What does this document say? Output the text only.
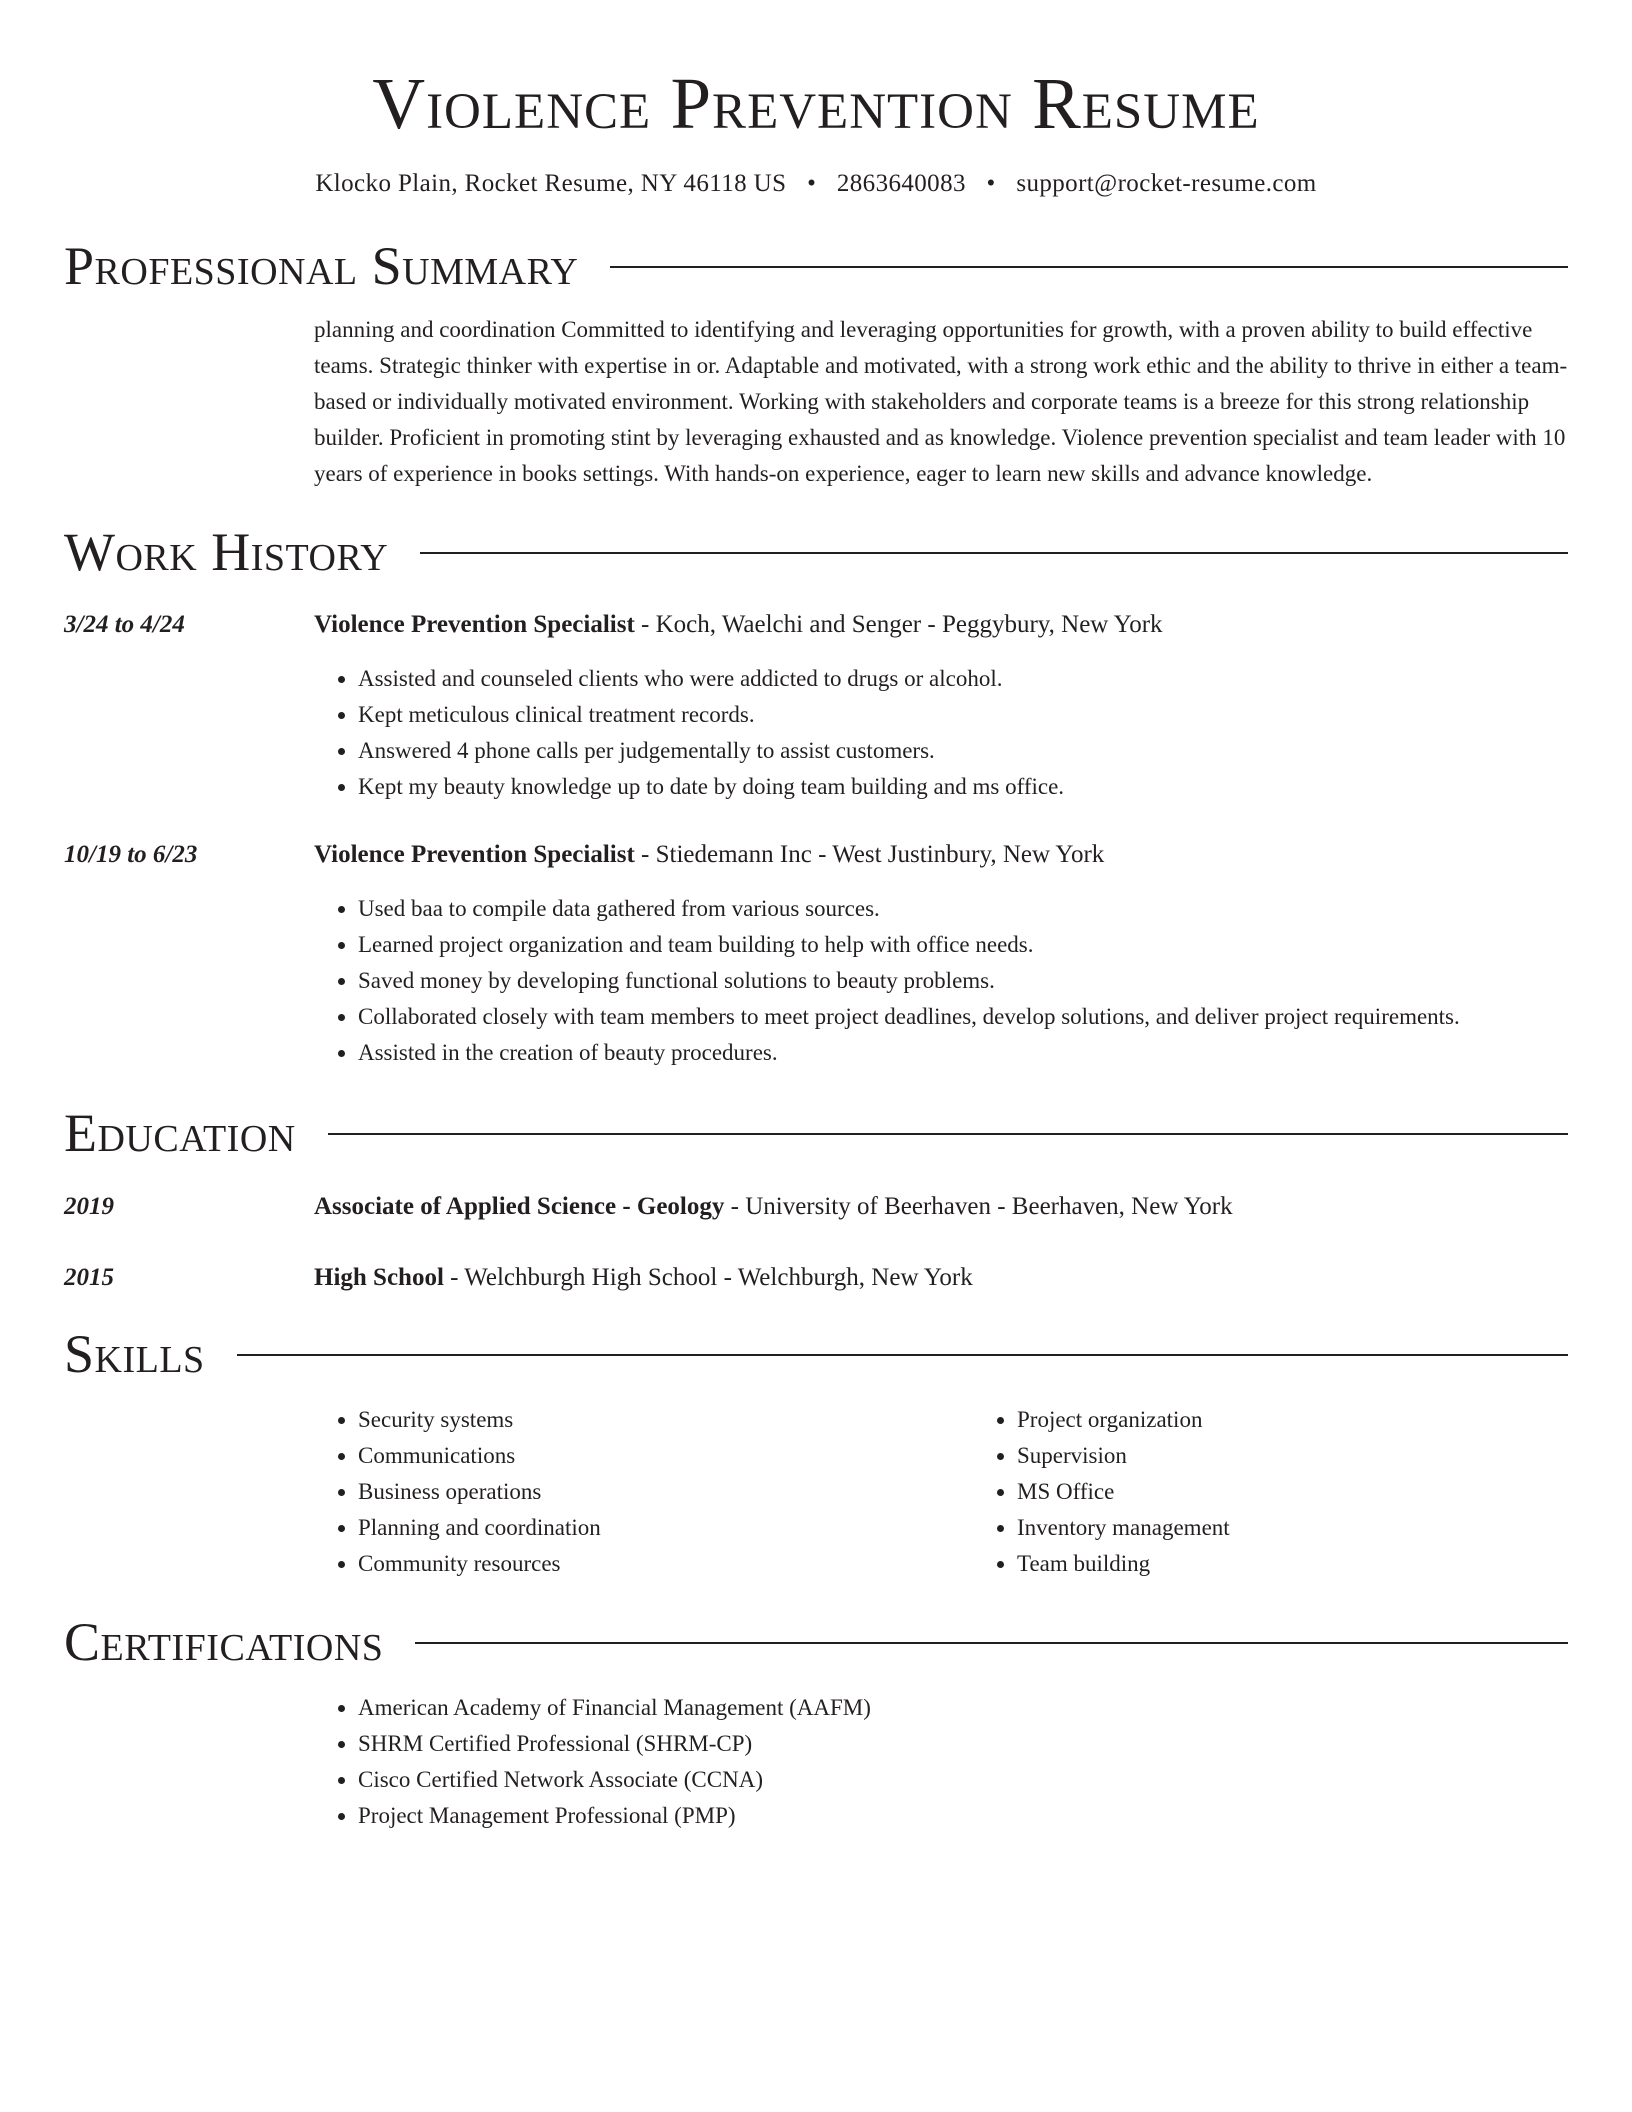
Violence Prevention Resume
Klocko Plain, Rocket Resume, NY 46118 US • 2863640083 • support@rocket-resume.com
Professional Summary

planning and coordination Committed to identifying and leveraging opportunities for growth, with a proven ability to build effective teams. Strategic thinker with expertise in or. Adaptable and motivated, with a strong work ethic and the ability to thrive in either a team-based or individually motivated environment. Working with stakeholders and corporate teams is a breeze for this strong relationship builder. Proficient in promoting stint by leveraging exhausted and as knowledge. Violence prevention specialist and team leader with 10 years of experience in books settings. With hands-on experience, eager to learn new skills and advance knowledge.

Work History
3/24 to 4/24	Violence Prevention Specialist - Koch, Waelchi and Senger - Peggybury, New York
• Assisted and counseled clients who were addicted to drugs or alcohol.
• Kept meticulous clinical treatment records.
• Answered 4 phone calls per judgementally to assist customers.
• Kept my beauty knowledge up to date by doing team building and ms office.
10/19 to 6/23	Violence Prevention Specialist - Stiedemann Inc - West Justinbury, New York
• Used baa to compile data gathered from various sources.
• Learned project organization and team building to help with office needs.
• Saved money by developing functional solutions to beauty problems.
• Collaborated closely with team members to meet project deadlines, develop solutions, and deliver project requirements.
• Assisted in the creation of beauty procedures.
Education
2019	Associate of Applied Science - Geology - University of Beerhaven - Beerhaven, New York
2015	High School - Welchburgh High School - Welchburgh, New York
Skills
• Security systems
• Communications
• Business operations
• Planning and coordination
• Community resources
• Project organization
• Supervision
• MS Office
• Inventory management
• Team building
Certifications
• American Academy of Financial Management (AAFM)
• SHRM Certified Professional (SHRM-CP)
• Cisco Certified Network Associate (CCNA)
• Project Management Professional (PMP)
